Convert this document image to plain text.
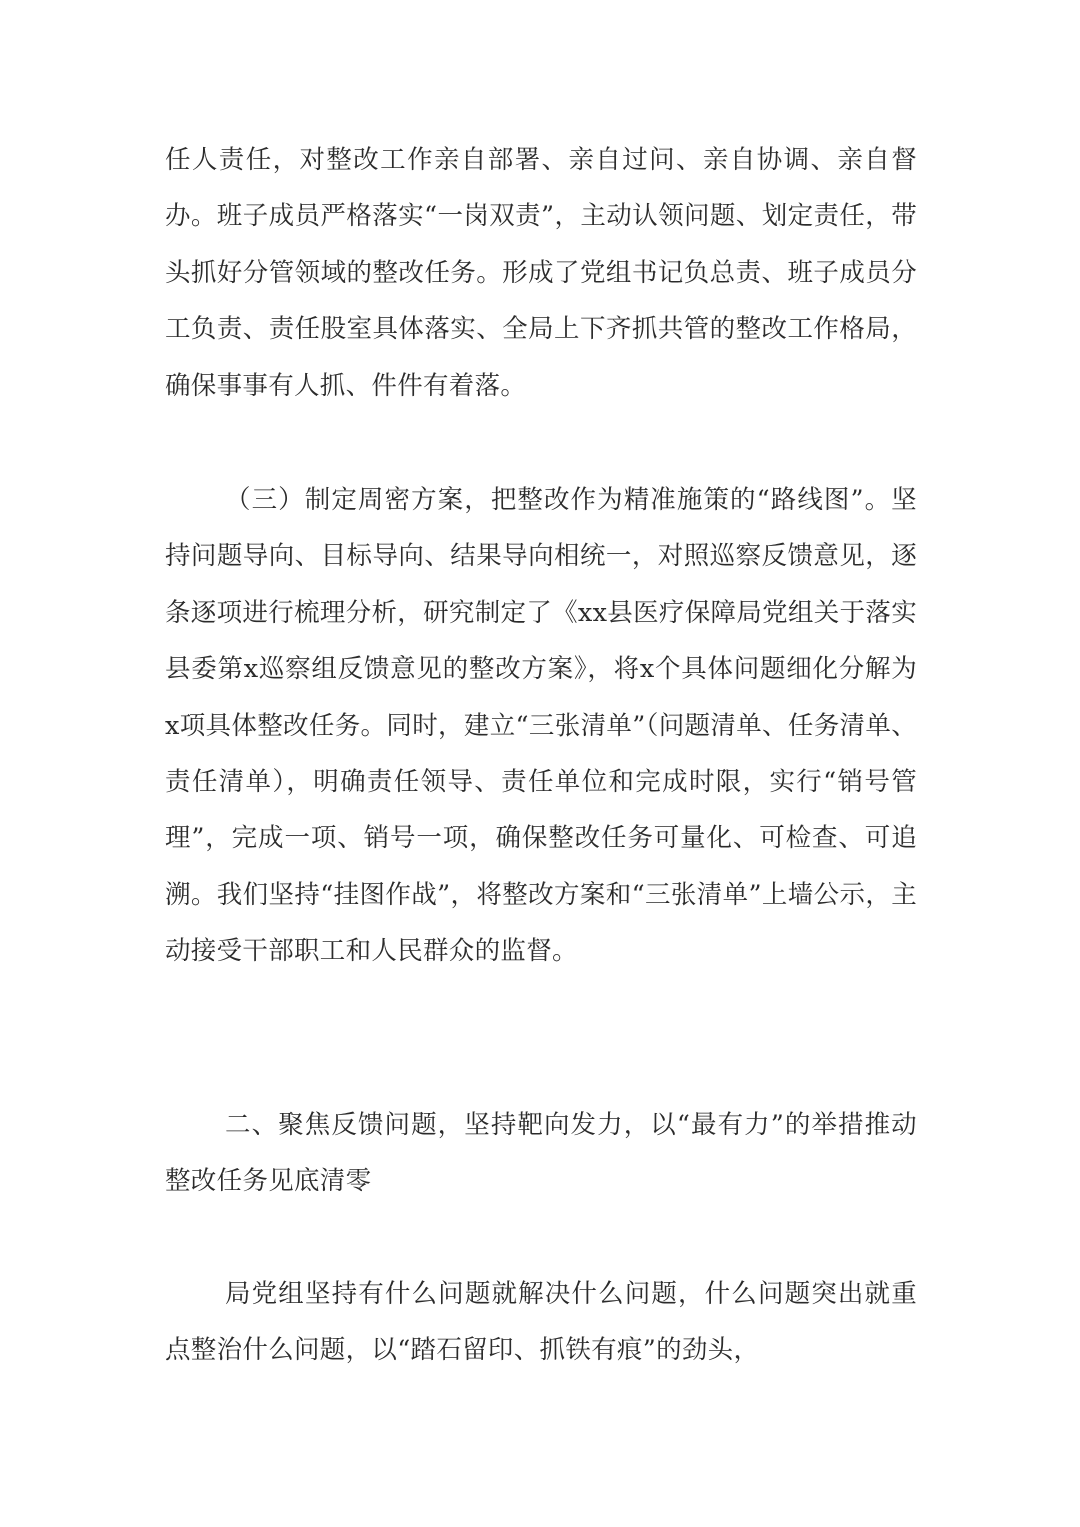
任人责任，对整改工作亲自部署、亲自过问、亲自协调、亲自督办。班子成员严格落实“一岗双责”，主动认领问题、划定责任，带头抓好分管领域的整改任务。形成了党组书记负总责、班子成员分工负责、责任股室具体落实、全局上下齐抓共管的整改工作格局，确保事事有人抓、件件有着落。

（三）制定周密方案，把整改作为精准施策的“路线图”。坚持问题导向、目标导向、结果导向相统一，对照巡察反馈意见，逐条逐项进行梳理分析，研究制定了《xx县医疗保障局党组关于落实县委第x巡察组反馈意见的整改方案》，将x个具体问题细化分解为x项具体整改任务。同时，建立“三张清单”（问题清单、任务清单、责任清单），明确责任领导、责任单位和完成时限，实行“销号管理”，完成一项、销号一项，确保整改任务可量化、可检查、可追溯。我们坚持“挂图作战”，将整改方案和“三张清单”上墙公示，主动接受干部职工和人民群众的监督。

二、聚焦反馈问题，坚持靶向发力，以“最有力”的举措推动整改任务见底清零

局党组坚持有什么问题就解决什么问题，什么问题突出就重点整治什么问题，以“踏石留印、抓铁有痕”的劲头，
